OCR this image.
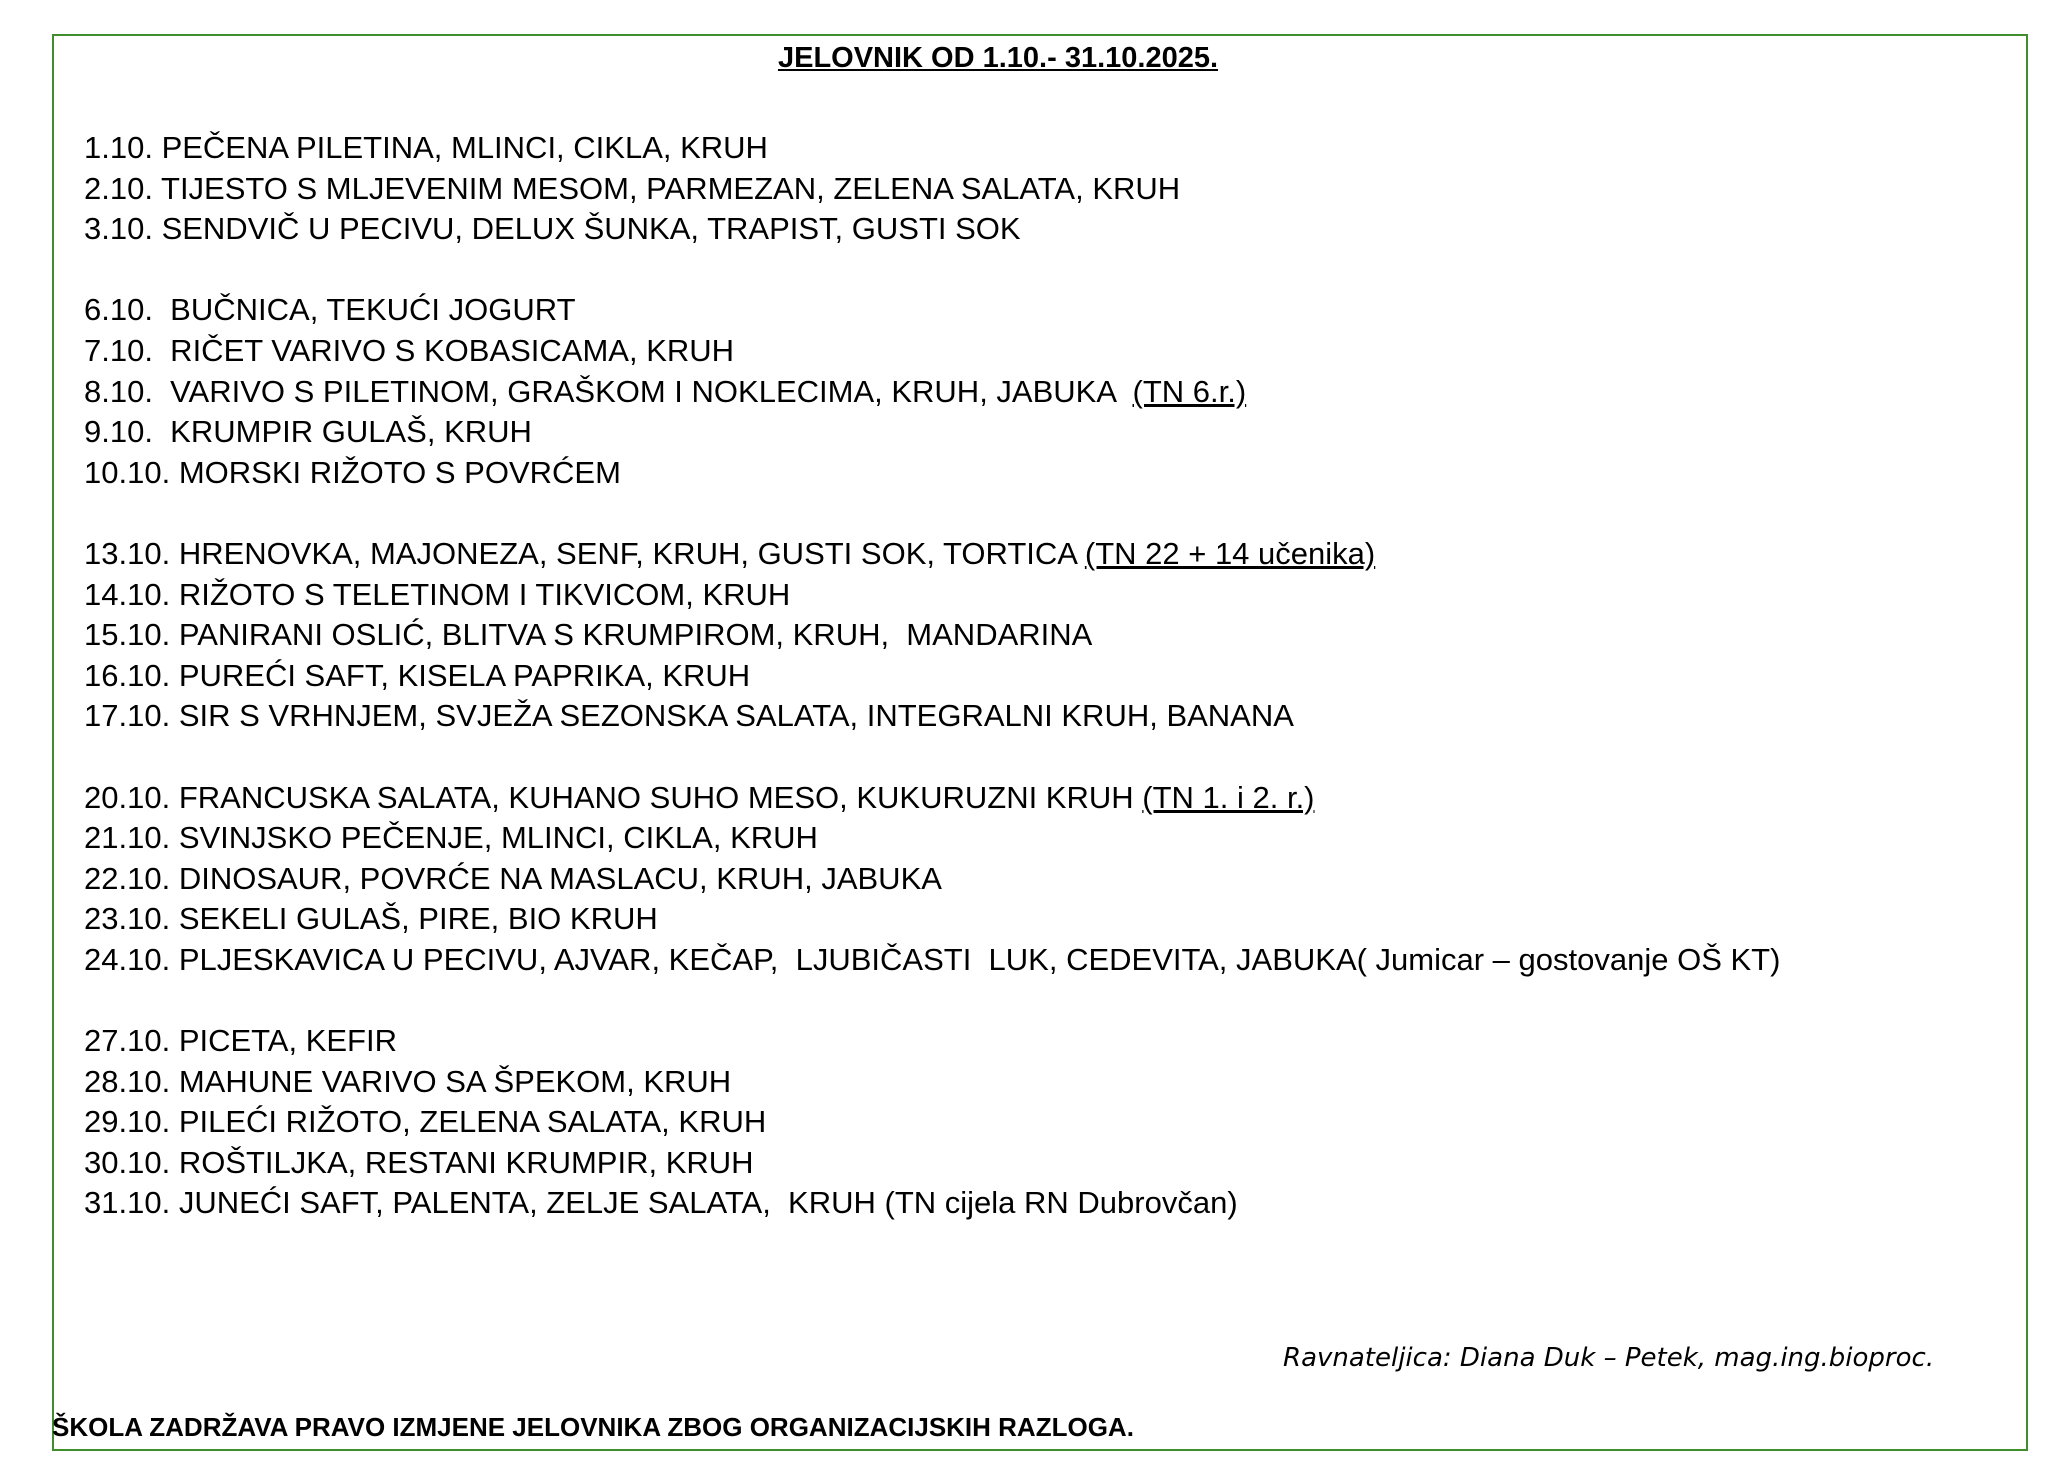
JELOVNIK OD 1.10.- 31.10.2025.
1.10. PEČENA PILETINA, MLINCI, CIKLA, KRUH
2.10. TIJESTO S MLJEVENIM MESOM, PARMEZAN, ZELENA SALATA, KRUH
3.10. SENDVIČ U PECIVU, DELUX ŠUNKA, TRAPIST, GUSTI SOK
6.10.  BUČNICA, TEKUĆI JOGURT
7.10.  RIČET VARIVO S KOBASICAMA, KRUH
8.10.  VARIVO S PILETINOM, GRAŠKOM I NOKLECIMA, KRUH, JABUKA  (TN 6.r.)
9.10.  KRUMPIR GULAŠ, KRUH
10.10. MORSKI RIŽOTO S POVRĆEM
13.10. HRENOVKA, MAJONEZA, SENF, KRUH, GUSTI SOK, TORTICA (TN 22 + 14 učenika)
14.10. RIŽOTO S TELETINOM I TIKVICOM, KRUH
15.10. PANIRANI OSLIĆ, BLITVA S KRUMPIROM, KRUH,  MANDARINA
16.10. PUREĆI SAFT, KISELA PAPRIKA, KRUH
17.10. SIR S VRHNJEM, SVJEŽA SEZONSKA SALATA, INTEGRALNI KRUH, BANANA
20.10. FRANCUSKA SALATA, KUHANO SUHO MESO, KUKURUZNI KRUH (TN 1. i 2. r.)
21.10. SVINJSKO PEČENJE, MLINCI, CIKLA, KRUH
22.10. DINOSAUR, POVRĆE NA MASLACU, KRUH, JABUKA
23.10. SEKELI GULAŠ, PIRE, BIO KRUH
24.10. PLJESKAVICA U PECIVU, AJVAR, KEČAP,  LJUBIČASTI  LUK, CEDEVITA, JABUKA( Jumicar – gostovanje OŠ KT)
27.10. PICETA, KEFIR
28.10. MAHUNE VARIVO SA ŠPEKOM, KRUH
29.10. PILEĆI RIŽOTO, ZELENA SALATA, KRUH
30.10. ROŠTILJKA, RESTANI KRUMPIR, KRUH
31.10. JUNEĆI SAFT, PALENTA, ZELJE SALATA,  KRUH (TN cijela RN Dubrovčan)
Ravnateljica: Diana Duk – Petek, mag.ing.bioproc.
ŠKOLA ZADRŽAVA PRAVO IZMJENE JELOVNIKA ZBOG ORGANIZACIJSKIH RAZLOGA.
